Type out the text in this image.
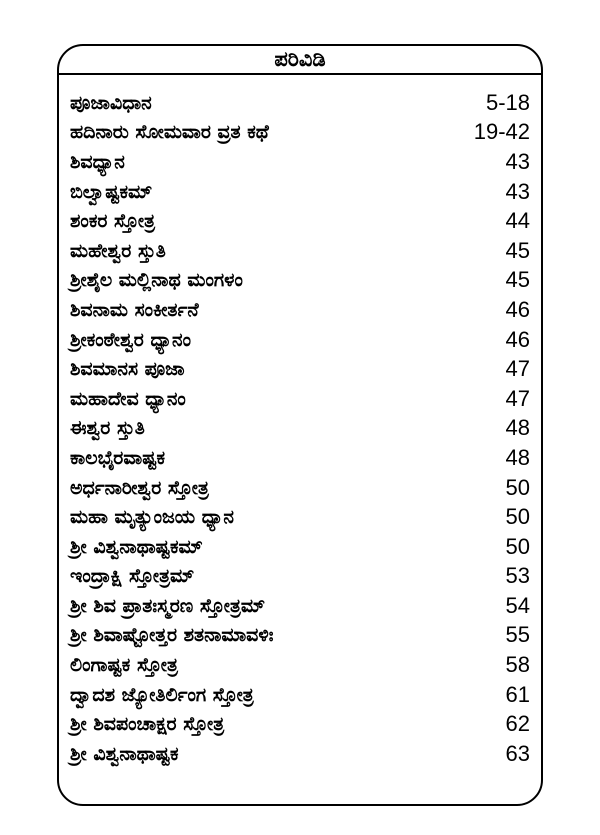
ಪರಿವಿಡಿ
ಪೂಜಾವಿಧಾನ	5-18
ಹದಿನಾರು ಸೋಮವಾರ ವ್ರತ ಕಥೆ	19-42
ಶಿವಧ್ಯಾನ	43
ಬಿಲ್ವಾಷ್ಟಕಮ್	43
ಶಂಕರ ಸ್ತೋತ್ರ	44
ಮಹೇಶ್ವರ ಸ್ತುತಿ	45
ಶ್ರೀಶೈಲ ಮಲ್ಲಿನಾಥ ಮಂಗಳಂ	45
ಶಿವನಾಮ ಸಂಕೀರ್ತನೆ	46
ಶ್ರೀಕಂಠೇಶ್ವರ ಧ್ಯಾನಂ	46
ಶಿವಮಾನಸ ಪೂಜಾ	47
ಮಹಾದೇವ ಧ್ಯಾನಂ	47
ಈಶ್ವರ ಸ್ತುತಿ	48
ಕಾಲಭೈರವಾಷ್ಟಕ	48
ಅರ್ಧನಾರೀಶ್ವರ ಸ್ತೋತ್ರ	50
ಮಹಾ ಮೃತ್ಯುಂಜಯ ಧ್ಯಾನ	50
ಶ್ರೀ ವಿಶ್ವನಾಥಾಷ್ಟಕಮ್	50
ಇಂದ್ರಾಕ್ಷಿ ಸ್ತೋತ್ರಮ್	53
ಶ್ರೀ ಶಿವ ಪ್ರಾತಃಸ್ಮರಣ ಸ್ತೋತ್ರಮ್	54
ಶ್ರೀ ಶಿವಾಷ್ಟೋತ್ತರ ಶತನಾಮಾವಳಿಃ	55
ಲಿಂಗಾಷ್ಟಕ ಸ್ತೋತ್ರ	58
ದ್ವಾದಶ ಜ್ಯೋತಿರ್ಲಿಂಗ ಸ್ತೋತ್ರ	61
ಶ್ರೀ ಶಿವಪಂಚಾಕ್ಷರ ಸ್ತೋತ್ರ	62
ಶ್ರೀ ವಿಶ್ವನಾಥಾಷ್ಟಕ	63
